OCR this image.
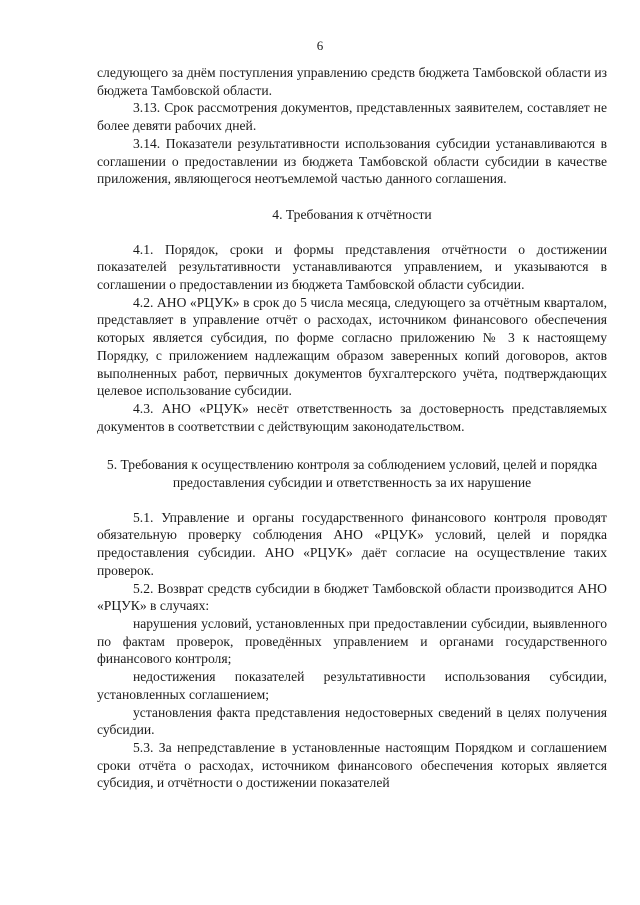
6

следующего за днём поступления управлению средств бюджета Тамбовской области из бюджета Тамбовской области.

3.13. Срок рассмотрения документов, представленных заявителем, составляет не более девяти рабочих дней.

3.14. Показатели результативности использования субсидии устанавливаются в соглашении о предоставлении из бюджета Тамбовской области субсидии в качестве приложения, являющегося неотъемлемой частью данного соглашения.

4. Требования к отчётности

4.1. Порядок, сроки и формы представления отчётности о достижении показателей результативности устанавливаются управлением, и указываются в соглашении о предоставлении из бюджета Тамбовской области субсидии.

4.2. АНО «РЦУК» в срок до 5 числа месяца, следующего за отчётным кварталом, представляет в управление отчёт о расходах, источником финансового обеспечения которых является субсидия, по форме согласно приложению № 3 к настоящему Порядку, с приложением надлежащим образом заверенных копий договоров, актов выполненных работ, первичных документов бухгалтерского учёта, подтверждающих целевое использование субсидии.

4.3. АНО «РЦУК» несёт ответственность за достоверность представляемых документов в соответствии с действующим законодательством.

5. Требования к осуществлению контроля за соблюдением условий, целей и порядка предоставления субсидии и ответственность за их нарушение

5.1. Управление и органы государственного финансового контроля проводят обязательную проверку соблюдения АНО «РЦУК» условий, целей и порядка предоставления субсидии. АНО «РЦУК» даёт согласие на осуществление таких проверок.

5.2. Возврат средств субсидии в бюджет Тамбовской области производится АНО «РЦУК» в случаях:

нарушения условий, установленных при предоставлении субсидии, выявленного по фактам проверок, проведённых управлением и органами государственного финансового контроля;

недостижения показателей результативности использования субсидии, установленных соглашением;

установления факта представления недостоверных сведений в целях получения субсидии.

5.3. За непредставление в установленные настоящим Порядком и соглашением сроки отчёта о расходах, источником финансового обеспечения которых является субсидия, и отчётности о достижении показателей
